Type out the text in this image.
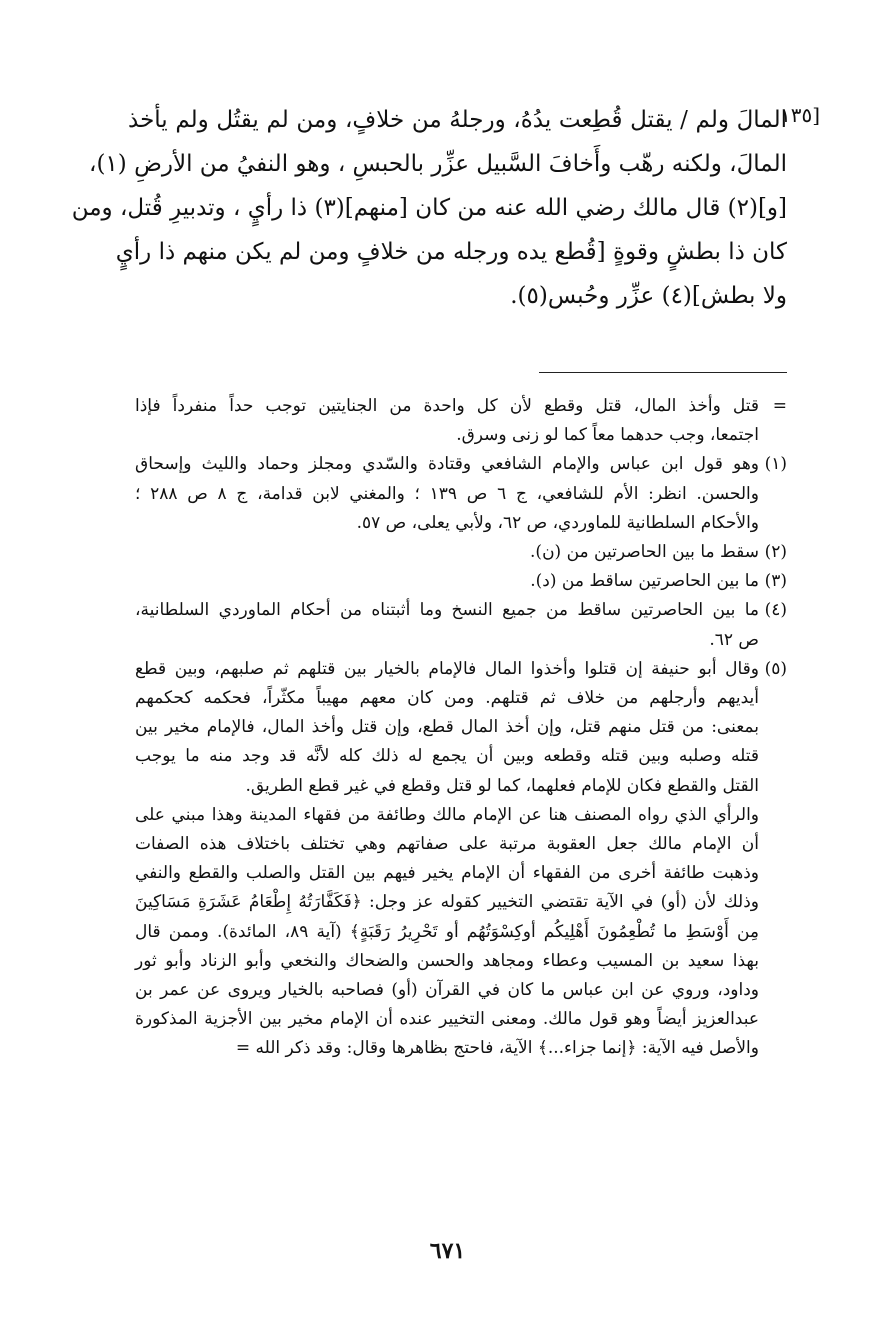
[١٣٥
المالَ ولم / يقتل قُطِعت يدُهُ، ورجلهُ من خلافٍ، ومن لم يقتُل ولم يأخذ
المالَ، ولكنه رهّب وأَخافَ السَّبيل عزِّر بالحبسِ ، وهو النفيُ من الأرضِ (١)،
[و](٢) قال مالك رضي الله عنه من كان [منهم](٣) ذا رأيٍ ، وتدبيرِ قُتل، ومن
كان ذا بطشٍ وقوةٍ [قُطع يده ورجله من خلافٍ ومن لم يكن منهم ذا رأيٍ
ولا بطش](٤) عزِّر وحُبس(٥).
=
قتل وأخذ المال، قتل وقطع لأن كل واحدة من الجنايتين توجب حداً منفرداً فإذا
اجتمعا، وجب حدهما معاً كما لو زنى وسرق.
(١)
وهو قول ابن عباس والإمام الشافعي وقتادة والسّدي ومجلز وحماد والليث وإسحاق
والحسن. انظر: الأم للشافعي، ج ٦ ص ١٣٩ ؛ والمغني لابن قدامة، ج ٨ ص ٢٨٨ ؛
والأحكام السلطانية للماوردي، ص ٦٢، ولأبي يعلى، ص ٥٧.
(٢)
سقط ما بين الحاصرتين من (ن).
(٣)
ما بين الحاصرتين ساقط من (د).
(٤)
ما بين الحاصرتين ساقط من جميع النسخ وما أثبتناه من أحكام الماوردي السلطانية،
ص ٦٢.
(٥)
وقال أبو حنيفة إن قتلوا وأخذوا المال فالإمام بالخيار بين قتلهم ثم صلبهم، وبين قطع
أيديهم وأرجلهم من خلاف ثم قتلهم. ومن كان معهم مهيباً مكثّراً، فحكمه كحكمهم
بمعنى: من قتل منهم قتل، وإن أخذ المال قطع، وإن قتل وأخذ المال، فالإمام مخير بين
قتله وصلبه وبين قتله وقطعه وبين أن يجمع له ذلك كله لأنَّه قد وجد منه ما يوجب
القتل والقطع فكان للإمام فعلهما، كما لو قتل وقطع في غير قطع الطريق.
والرأي الذي رواه المصنف هنا عن الإمام مالك وطائفة من فقهاء المدينة وهذا مبني على
أن الإمام مالك جعل العقوبة مرتبة على صفاتهم وهي تختلف باختلاف هذه الصفات
وذهبت طائفة أخرى من الفقهاء أن الإمام يخير فيهم بين القتل والصلب والقطع والنفي
وذلك لأن (أو) في الآية تقتضي التخيير كقوله عز وجل: ﴿فَكَفَّارَتُهُ إِطْعَامُ عَشَرَةِ مَسَاكِينَ
مِن أَوْسَطِ ما تُطْعِمُونَ أَهْلِيكُم أوكِسْوَتُهُم أو تَحْرِيرُ رَقَبَةٍ﴾ (آية ٨٩، المائدة). وممن قال
بهذا سعيد بن المسيب وعطاء ومجاهد والحسن والضحاك والنخعي وأبو الزناد وأبو ثور
وداود، وروي عن ابن عباس ما كان في القرآن (أو) فصاحبه بالخيار ويروى عن عمر بن
عبدالعزيز أيضاً وهو قول مالك. ومعنى التخيير عنده أن الإمام مخير بين الأجزية المذكورة
والأصل فيه الآية: ﴿إنما جزاء...﴾ الآية، فاحتج بظاهرها وقال: وقد ذكر الله =
٦٧١
